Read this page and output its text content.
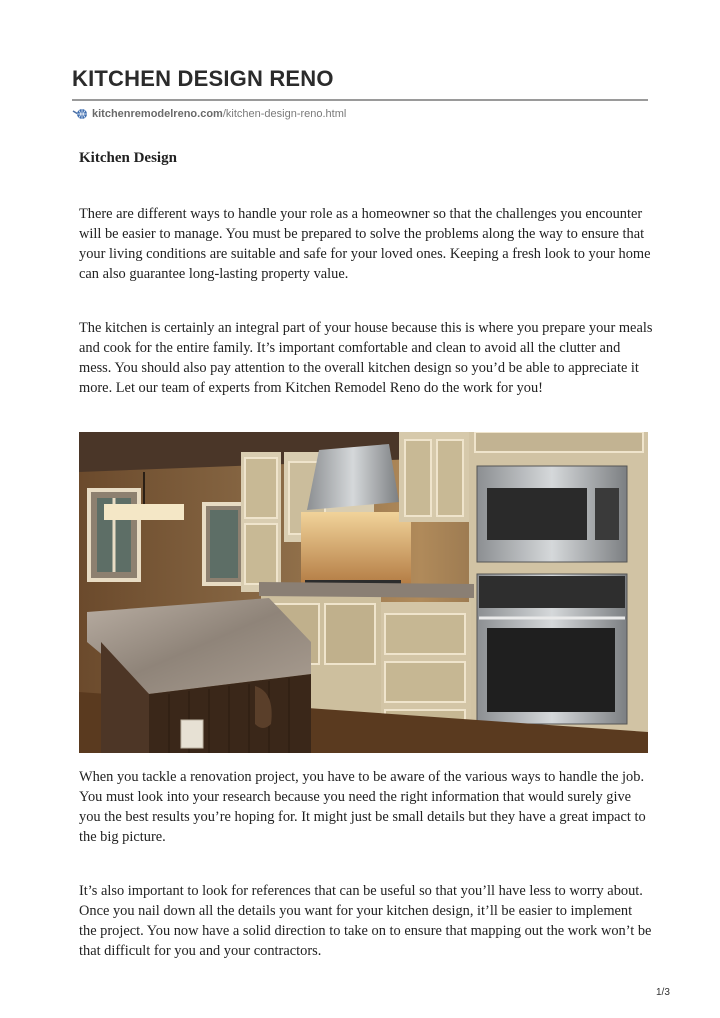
KITCHEN DESIGN RENO
kitchenremodelreno.com /kitchen-design-reno.html
Kitchen Design

There are different ways to handle your role as a homeowner so that the challenges you encounter will be easier to manage. You must be prepared to solve the problems along the way to ensure that your living conditions are suitable and safe for your loved ones. Keeping a fresh look to your home can also guarantee long-lasting property value.

The kitchen is certainly an integral part of your house because this is where you prepare your meals and cook for the entire family. It’s important comfortable and clean to avoid all the clutter and mess. You should also pay attention to the overall kitchen design so you’d be able to appreciate it more. Let our team of experts from Kitchen Remodel Reno do the work for you!

When you tackle a renovation project, you have to be aware of the various ways to handle the job. You must look into your research because you need the right information that would surely give you the best results you’re hoping for. It might just be small details but they have a great impact to the big picture.

It’s also important to look for references that can be useful so that you’ll have less to worry about. Once you nail down all the details you want for your kitchen design, it’ll be easier to implement the project. You now have a solid direction to take on to ensure that mapping out the work won’t be that difficult for you and your contractors.

1/3
